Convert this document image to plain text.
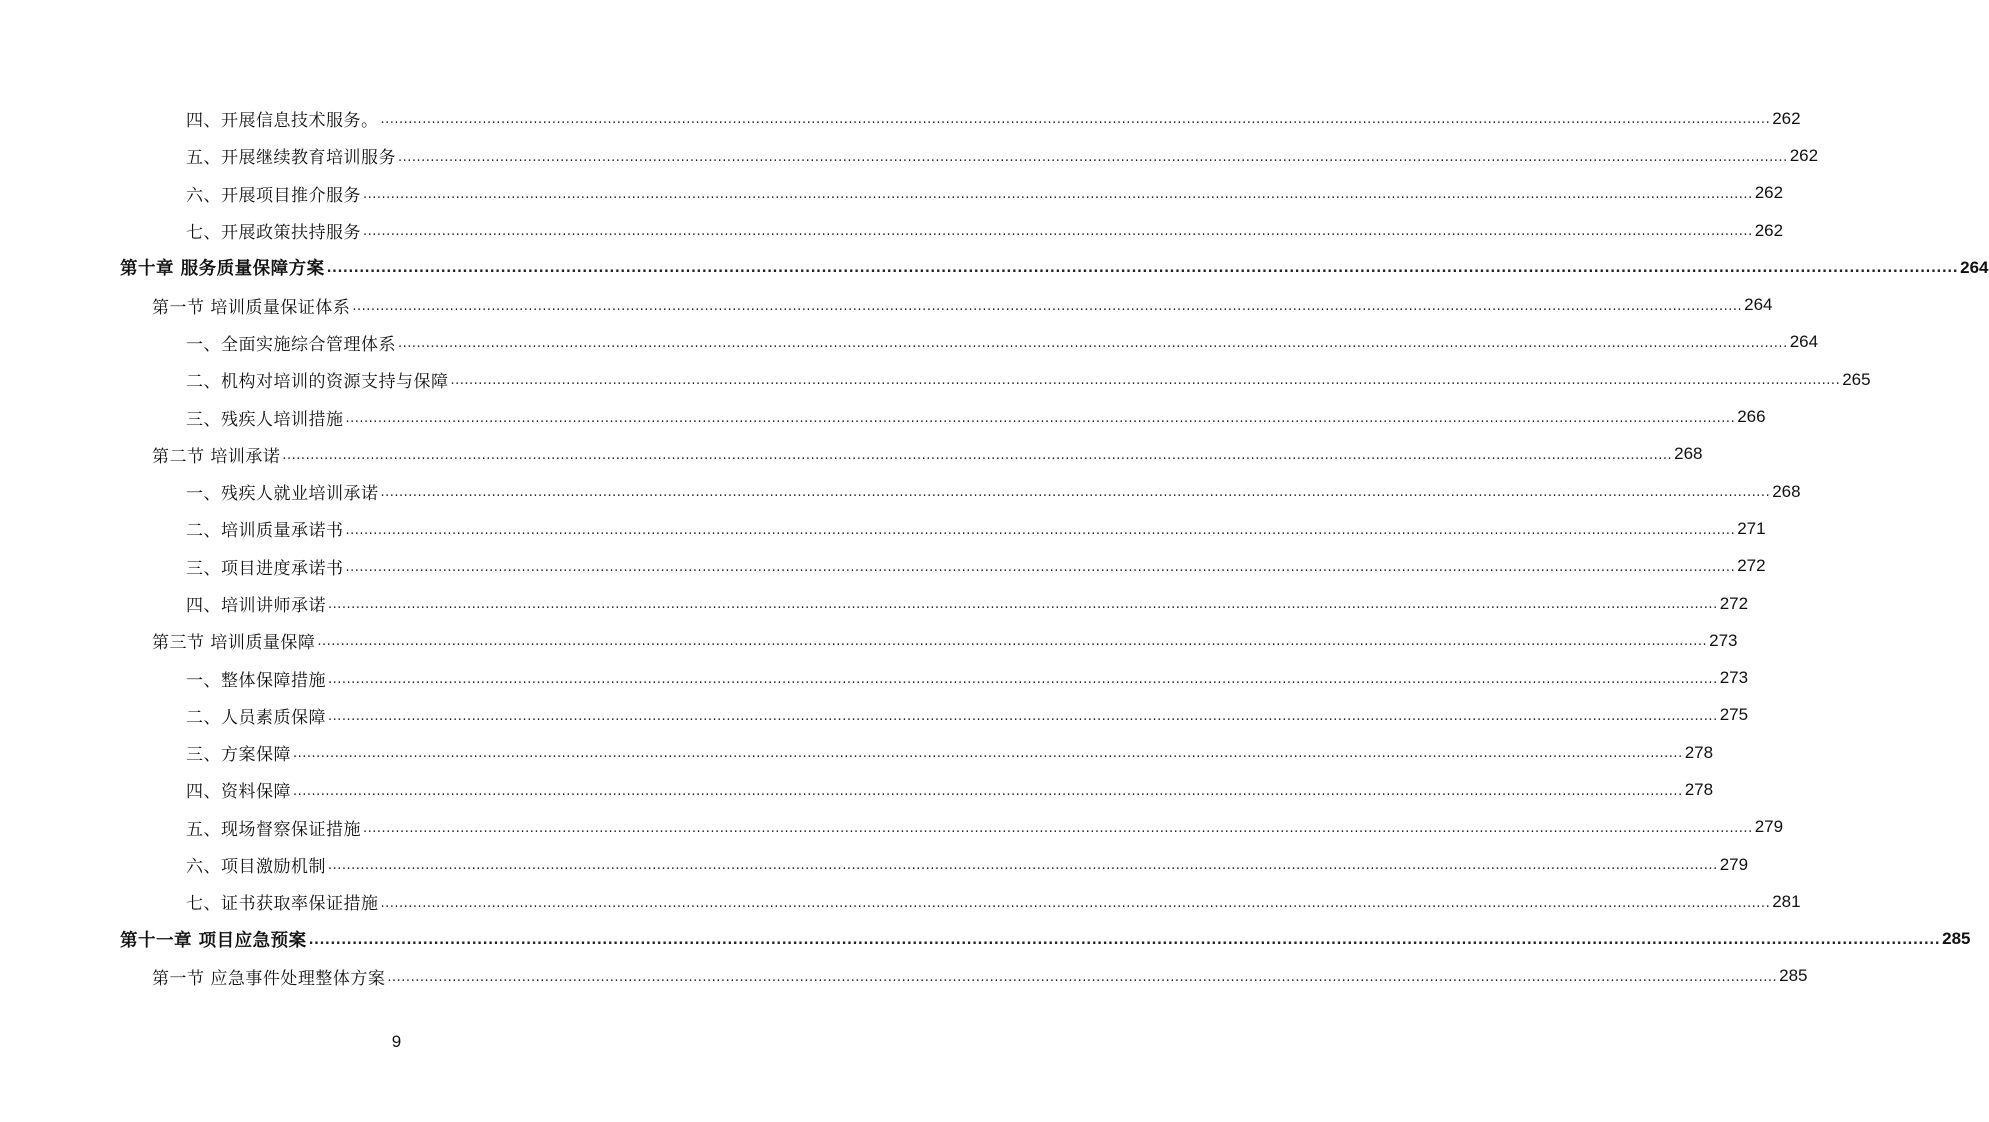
四、开展信息技术服务。 ............................................................................................................................................................................................................................................................................................................ 262
五、开展继续教育培训服务 ............................................................................................................................................................................................................................................................................................................ 262
六、开展项目推介服务 ............................................................................................................................................................................................................................................................................................................ 262
七、开展政策扶持服务 ............................................................................................................................................................................................................................................................................................................ 262
第十章 服务质量保障方案 ............................................................................................................................................................................................................................................................................................................ 264
第一节 培训质量保证体系 ............................................................................................................................................................................................................................................................................................................ 264
一、全面实施综合管理体系 ............................................................................................................................................................................................................................................................................................................ 264
二、机构对培训的资源支持与保障 ............................................................................................................................................................................................................................................................................................................ 265
三、残疾人培训措施 ............................................................................................................................................................................................................................................................................................................ 266
第二节 培训承诺 ............................................................................................................................................................................................................................................................................................................ 268
一、残疾人就业培训承诺 ............................................................................................................................................................................................................................................................................................................ 268
二、培训质量承诺书 ............................................................................................................................................................................................................................................................................................................ 271
三、项目进度承诺书 ............................................................................................................................................................................................................................................................................................................ 272
四、培训讲师承诺 ............................................................................................................................................................................................................................................................................................................ 272
第三节 培训质量保障 ............................................................................................................................................................................................................................................................................................................ 273
一、整体保障措施 ............................................................................................................................................................................................................................................................................................................ 273
二、人员素质保障 ............................................................................................................................................................................................................................................................................................................ 275
三、方案保障 ............................................................................................................................................................................................................................................................................................................ 278
四、资料保障 ............................................................................................................................................................................................................................................................................................................ 278
五、现场督察保证措施 ............................................................................................................................................................................................................................................................................................................ 279
六、项目激励机制 ............................................................................................................................................................................................................................................................................................................ 279
七、证书获取率保证措施 ............................................................................................................................................................................................................................................................................................................ 281
第十一章 项目应急预案 ............................................................................................................................................................................................................................................................................................................ 285
第一节 应急事件处理整体方案 ............................................................................................................................................................................................................................................................................................................ 285
9
